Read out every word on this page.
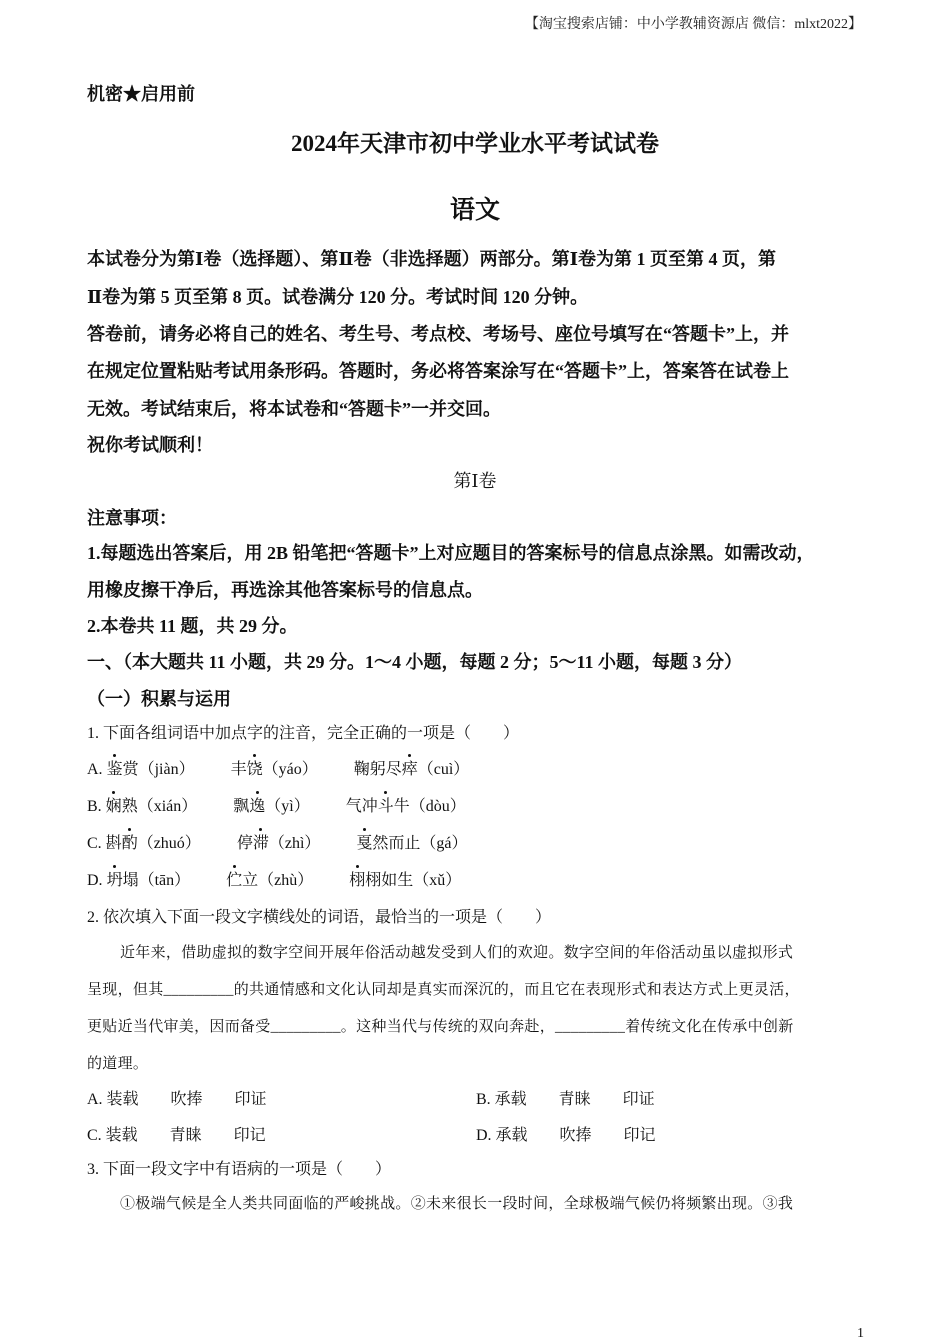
【淘宝搜索店铺：中小学教辅资源店 微信：mlxt2022】
机密★启用前
2024年天津市初中学业水平考试试卷
语文
本试卷分为第Ⅰ卷（选择题）、第Ⅱ卷（非选择题）两部分。第Ⅰ卷为第 1 页至第 4 页，第
Ⅱ卷为第 5 页至第 8 页。试卷满分 120 分。考试时间 120 分钟。
答卷前，请务必将自己的姓名、考生号、考点校、考场号、座位号填写在“答题卡”上，并
在规定位置粘贴考试用条形码。答题时，务必将答案涂写在“答题卡”上，答案答在试卷上
无效。考试结束后，将本试卷和“答题卡”一并交回。
祝你考试顺利！
第Ⅰ卷
注意事项：
1.每题选出答案后，用 2B 铅笔把“答题卡”上对应题目的答案标号的信息点涂黑。如需改动，
用橡皮擦干净后，再选涂其他答案标号的信息点。
2.本卷共 11 题，共 29 分。
一、（本大题共 11 小题，共 29 分。1～4 小题，每题 2 分；5～11 小题，每题 3 分）
（一）积累与运用
1. 下面各组词语中加点字的注音，完全正确的一项是（　　）
A. 鉴赏（jiàn） 丰饶（yáo） 鞠躬尽瘁（cuì）
B. 娴熟（xián） 飘逸（yì） 气冲斗牛（dòu）
C. 斟酌（zhuó） 停滞（zhì） 戛然而止（gá）
D. 坍塌（tān） 伫立（zhù） 栩栩如生（xǔ）
2. 依次填入下面一段文字横线处的词语，最恰当的一项是（　　）
近年来，借助虚拟的数字空间开展年俗活动越发受到人们的欢迎。数字空间的年俗活动虽以虚拟形式
呈现，但其_________的共通情感和文化认同却是真实而深沉的，而且它在表现形式和表达方式上更灵活，
更贴近当代审美，因而备受_________。这种当代与传统的双向奔赴，_________着传统文化在传承中创新
的道理。
A. 装载　　吹捧　　印证	B. 承载　　青睐　　印证
C. 装载　　青睐　　印记	D. 承载　　吹捧　　印记
3. 下面一段文字中有语病的一项是（　　）
①极端气候是全人类共同面临的严峻挑战。②未来很长一段时间，全球极端气候仍将频繁出现。③我
1
